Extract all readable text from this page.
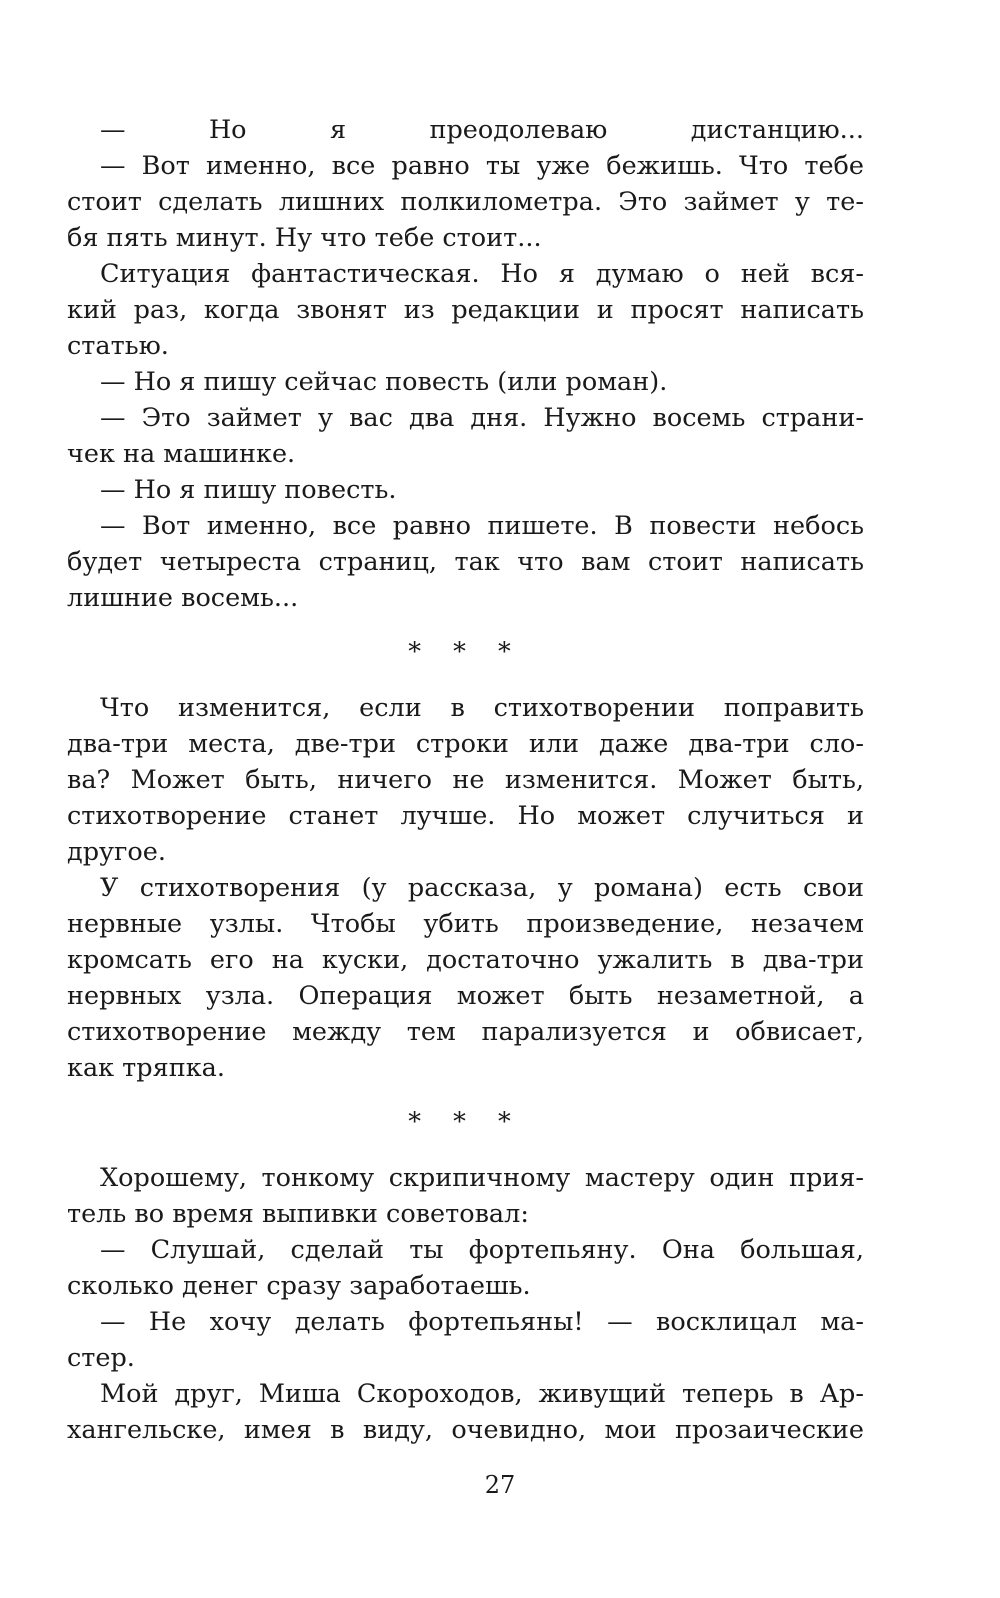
— Но я преодолеваю дистанцию...
— Вот именно, все равно ты уже бежишь. Что тебе
стоит сделать лишних полкилометра. Это займет у те-
бя пять минут. Ну что тебе стоит...
Ситуация фантастическая. Но я думаю о ней вся-
кий раз, когда звонят из редакции и просят написать
статью.
— Но я пишу сейчас повесть (или роман).
— Это займет у вас два дня. Нужно восемь страни-
чек на машинке.
— Но я пишу повесть.
— Вот именно, все равно пишете. В повести небось
будет четыреста страниц, так что вам стоит написать
лишние восемь...
* * *
Что изменится, если в стихотворении поправить
два-три места, две-три строки или даже два-три сло-
ва? Может быть, ничего не изменится. Может быть,
стихотворение станет лучше. Но может случиться и
другое.
У стихотворения (у рассказа, у романа) есть свои
нервные узлы. Чтобы убить произведение, незачем
кромсать его на куски, достаточно ужалить в два-три
нервных узла. Операция может быть незаметной, а
стихотворение между тем парализуется и обвисает,
как тряпка.
* * *
Хорошему, тонкому скрипичному мастеру один прия-
тель во время выпивки советовал:
— Слушай, сделай ты фортепьяну. Она большая,
сколько денег сразу заработаешь.
— Не хочу делать фортепьяны! — восклицал ма-
стер.
Мой друг, Миша Скороходов, живущий теперь в Ар-
хангельске, имея в виду, очевидно, мои прозаические
27
